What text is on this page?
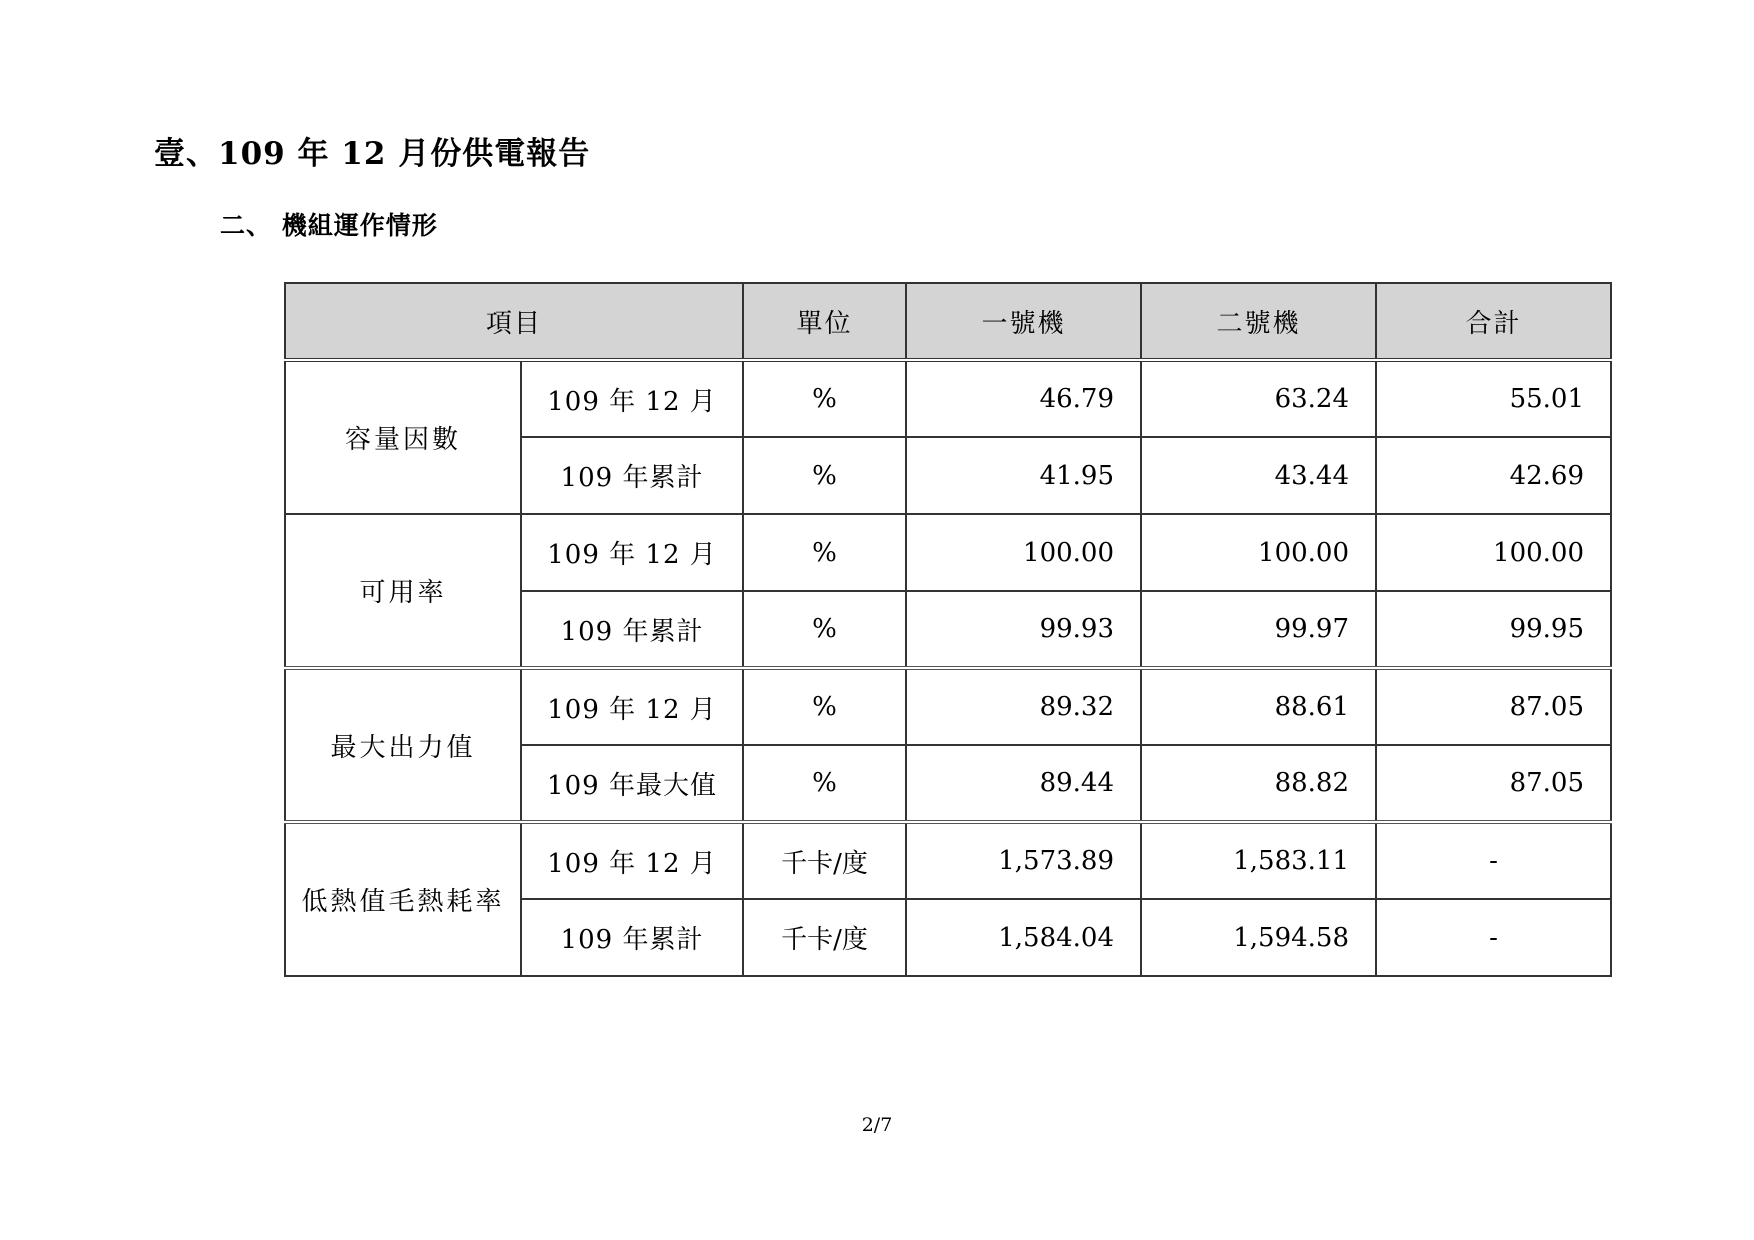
壹、109 年 12 月份供電報告
二、 機組運作情形
項目		單位	一號機	二號機	合計
容量因數	109 年 12 月	%	46.79	63.24	55.01
	109 年累計	%	41.95	43.44	42.69
可用率	109 年 12 月	%	100.00	100.00	100.00
	109 年累計	%	99.93	99.97	99.95
最大出力值	109 年 12 月	%	89.32	88.61	87.05
	109 年最大值	%	89.44	88.82	87.05
低熱值毛熱耗率	109 年 12 月	千卡/度	1,573.89	1,583.11	-
	109 年累計	千卡/度	1,584.04	1,594.58	-
2/7
